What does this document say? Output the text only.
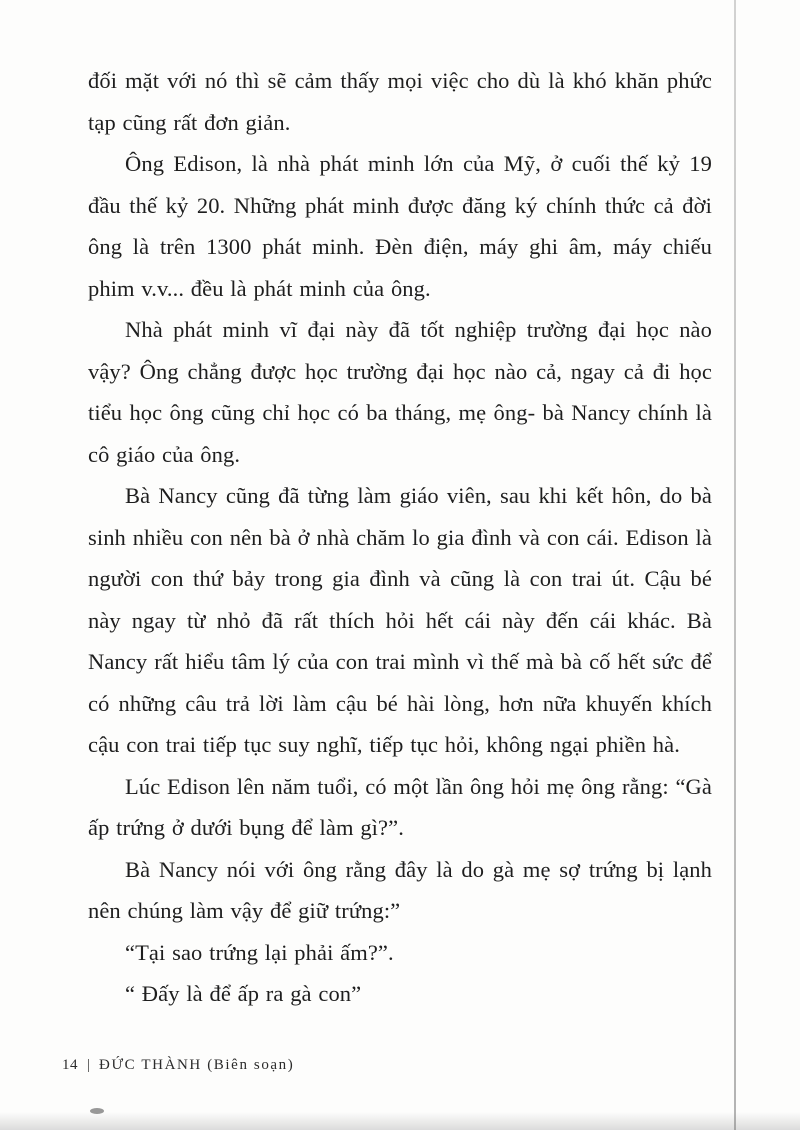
đối mặt với nó thì sẽ cảm thấy mọi việc cho dù là khó khăn phức tạp cũng rất đơn giản.

Ông Edison, là nhà phát minh lớn của Mỹ, ở cuối thế kỷ 19 đầu thế kỷ 20. Những phát minh được đăng ký chính thức cả đời ông là trên 1300 phát minh. Đèn điện, máy ghi âm, máy chiếu phim v.v... đều là phát minh của ông.

Nhà phát minh vĩ đại này đã tốt nghiệp trường đại học nào vậy? Ông chẳng được học trường đại học nào cả, ngay cả đi học tiểu học ông cũng chỉ học có ba tháng, mẹ ông- bà Nancy chính là cô giáo của ông.

Bà Nancy cũng đã từng làm giáo viên, sau khi kết hôn, do bà sinh nhiều con nên bà ở nhà chăm lo gia đình và con cái. Edison là người con thứ bảy trong gia đình và cũng là con trai út. Cậu bé này ngay từ nhỏ đã rất thích hỏi hết cái này đến cái khác. Bà Nancy rất hiểu tâm lý của con trai mình vì thế mà bà cố hết sức để có những câu trả lời làm cậu bé hài lòng, hơn nữa khuyến khích cậu con trai tiếp tục suy nghĩ, tiếp tục hỏi, không ngại phiền hà.

Lúc Edison lên năm tuổi, có một lần ông hỏi mẹ ông rằng: “Gà ấp trứng ở dưới bụng để làm gì?”.

Bà Nancy nói với ông rằng đây là do gà mẹ sợ trứng bị lạnh nên chúng làm vậy để giữ trứng:”

“Tại sao trứng lại phải ấm?”.

“ Đấy là để ấp ra gà con”

14 | ĐỨC THÀNH (Biên soạn)
